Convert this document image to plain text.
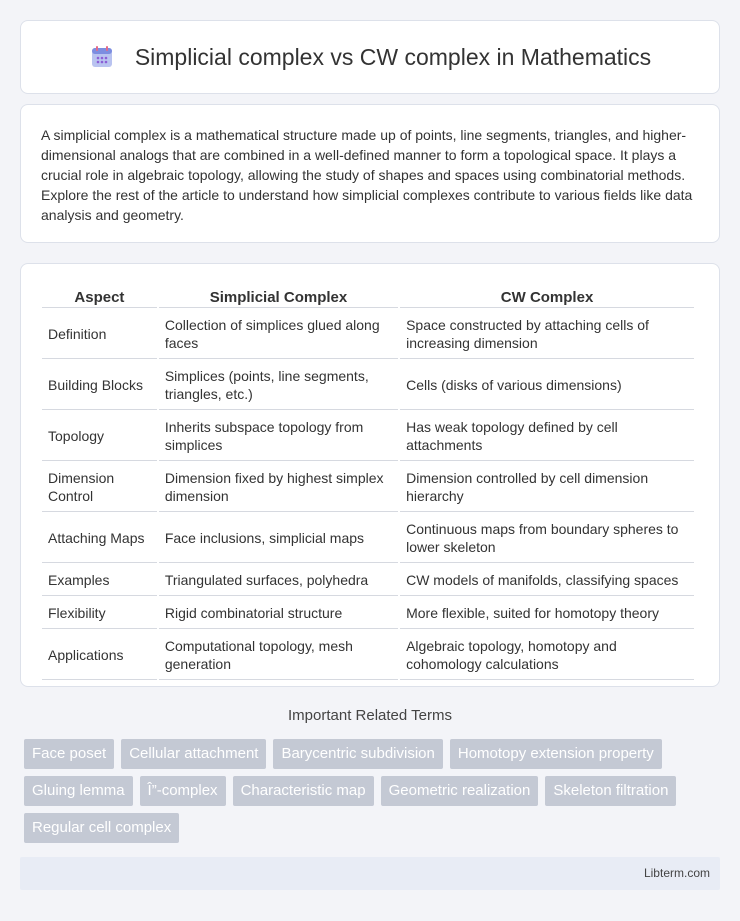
Simplicial complex vs CW complex in Mathematics

A simplicial complex is a mathematical structure made up of points, line segments, triangles, and higher-dimensional analogs that are combined in a well-defined manner to form a topological space. It plays a crucial role in algebraic topology, allowing the study of shapes and spaces using combinatorial methods. Explore the rest of the article to understand how simplicial complexes contribute to various fields like data analysis and geometry.

Aspect	Simplicial Complex	CW Complex
Definition	Collection of simplices glued along faces	Space constructed by attaching cells of increasing dimension
Building Blocks	Simplices (points, line segments, triangles, etc.)	Cells (disks of various dimensions)
Topology	Inherits subspace topology from simplices	Has weak topology defined by cell attachments
Dimension Control	Dimension fixed by highest simplex dimension	Dimension controlled by cell dimension hierarchy
Attaching Maps	Face inclusions, simplicial maps	Continuous maps from boundary spheres to lower skeleton
Examples	Triangulated surfaces, polyhedra	CW models of manifolds, classifying spaces
Flexibility	Rigid combinatorial structure	More flexible, suited for homotopy theory
Applications	Computational topology, mesh generation	Algebraic topology, homotopy and cohomology calculations
Important Related Terms
Face poset	Cellular attachment	Barycentric subdivision	Homotopy extension property
Gluing lemma	Î”-complex	Characteristic map	Geometric realization	Skeleton filtration
Regular cell complex
Libterm.com
